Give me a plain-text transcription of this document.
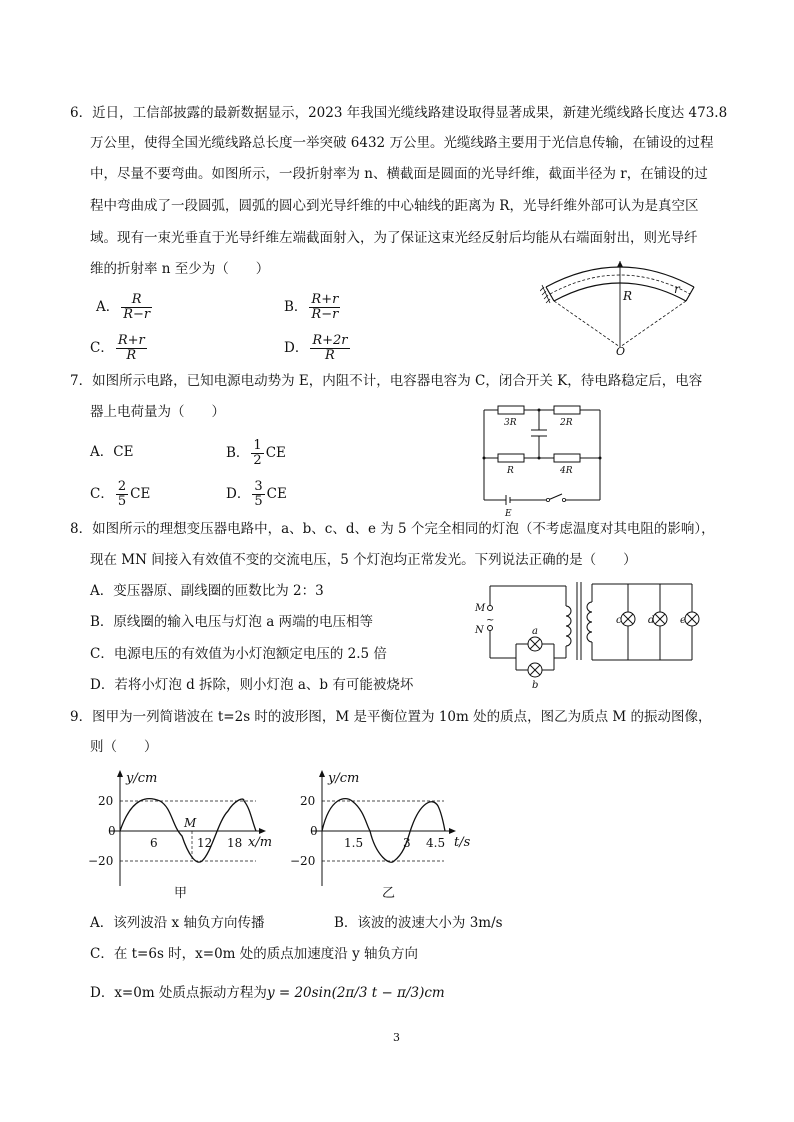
6．近日，工信部披露的最新数据显示，2023 年我国光缆线路建设取得显著成果，新建光缆线路长度达 473.8
万公里，使得全国光缆线路总长度一举突破 6432 万公里。光缆线路主要用于光信息传输，在铺设的过程
中，尽量不要弯曲。如图所示，一段折射率为 n、横截面是圆面的光导纤维，截面半径为 r，在铺设的过
程中弯曲成了一段圆弧，圆弧的圆心到光导纤维的中心轴线的距离为 R，光导纤维外部可认为是真空区
域。现有一束光垂直于光导纤维左端截面射入，为了保证这束光经反射后均能从右端面射出，则光导纤
维的折射率 n 至少为（　　）
A． $\frac{R}{R-r}$	B． $\frac{R+r}{R-r}$
C． $\frac{R+r}{R}$	D． $\frac{R+2r}{R}$
R	r
O
7．如图所示电路，已知电源电动势为 E，内阻不计，电容器电容为 C，闭合开关 K，待电路稳定后，电容
器上电荷量为（　　）
A．CE	B． $\frac{1}{2}$ CE
C． $\frac{2}{5}$ CE	D． $\frac{3}{5}$ CE
3R	2R
R	4R
E
8．如图所示的理想变压器电路中，a、b、c、d、e 为 5 个完全相同的灯泡（不考虑温度对其电阻的影响），
现在 MN 间接入有效值不变的交流电压，5 个灯泡均正常发光。下列说法正确的是（　　）
A．变压器原、副线圈的匝数比为 2：3
B．原线圈的输入电压与灯泡 a 两端的电压相等
C．电源电压的有效值为小灯泡额定电压的 2.5 倍
D．若将小灯泡 d 拆除，则小灯泡 a、b 有可能被烧坏
M
~
N	a
b
c	d	e
9．图甲为一列简谐波在 t=2s 时的波形图，M 是平衡位置为 10m 处的质点，图乙为质点 M 的振动图像，
则（　　）
y/cm
x/m
20
0
−20
6	12 18
M
甲
y/cm
t/s
20
0
−20
1.5	3 4.5
乙
A．该列波沿 x 轴负方向传播	B．该波的波速大小为 3m/s
C．在 t=6s 时，x=0m 处的质点加速度沿 y 轴负方向
D．x=0m 处质点振动方程为y = 20sin(2π/3 t − π/3)cm
3
